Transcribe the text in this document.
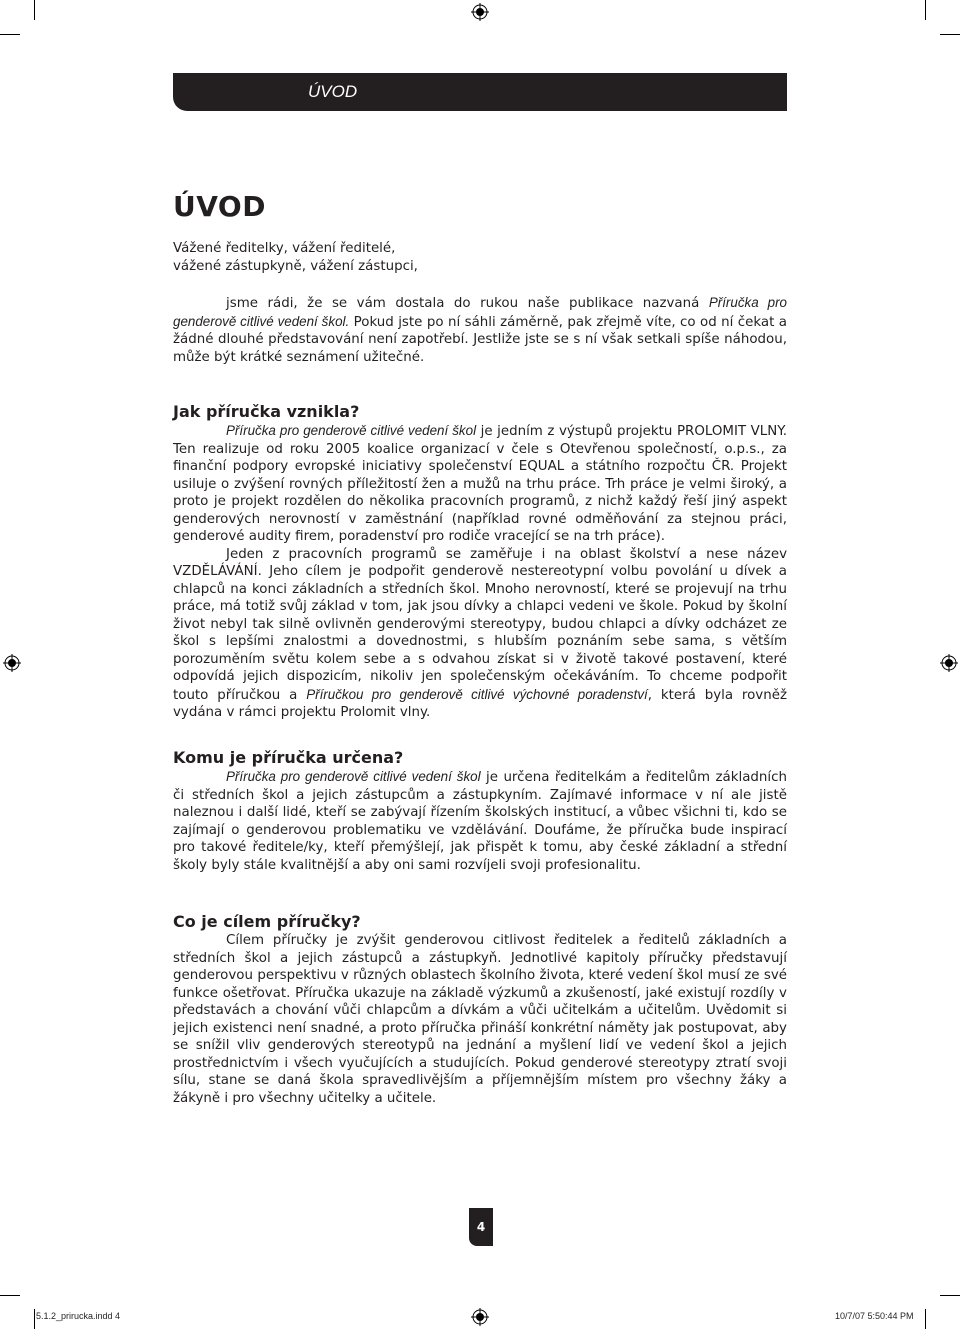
ÚVOD
ÚVOD

Vážené ředitelky, vážení ředitelé,

vážené zástupkyně, vážení zástupci,

jsme rádi, že se vám dostala do rukou naše publikace nazvaná Příručka pro genderově citlivé vedení škol. Pokud jste po ní sáhli záměrně, pak zřejmě víte, co od ní čekat a žádné dlouhé představování není zapotřebí. Jestliže jste se s ní však setkali spíše náhodou, může být krátké seznámení užitečné.

Jak příručka vznikla?

Příručka pro genderově citlivé vedení škol je jedním z výstupů projektu PROLOMIT VLNY. Ten realizuje od roku 2005 koalice organizací v čele s Otevřenou společností, o.p.s., za finanční podpory evropské iniciativy společenství EQUAL a státního rozpočtu ČR. Projekt usiluje o zvýšení rovných příležitostí žen a mužů na trhu práce. Trh práce je velmi široký, a proto je projekt rozdělen do několika pracovních programů, z nichž každý řeší jiný aspekt genderových nerovností v zaměstnání (například rovné odměňování za stejnou práci, genderové audity firem, poradenství pro rodiče vracející se na trh práce).

Jeden z pracovních programů se zaměřuje i na oblast školství a nese název VZDĚLÁVÁNÍ. Jeho cílem je podpořit genderově nestereotypní volbu povolání u dívek a chlapců na konci základních a středních škol. Mnoho nerovností, které se projevují na trhu práce, má totiž svůj základ v tom, jak jsou dívky a chlapci vedeni ve škole. Pokud by školní život nebyl tak silně ovlivněn genderovými stereotypy, budou chlapci a dívky odcházet ze škol s lepšími znalostmi a dovednostmi, s hlubším poznáním sebe sama, s větším porozuměním světu kolem sebe a s odvahou získat si v životě takové postavení, které odpovídá jejich dispozicím, nikoliv jen společenským očekáváním. To chceme podpořit touto příručkou a Příručkou pro genderově citlivé výchovné poradenství, která byla rovněž vydána v rámci projektu Prolomit vlny.

Komu je příručka určena?

Příručka pro genderově citlivé vedení škol je určena ředitelkám a ředitelům základních či středních škol a jejich zástupcům a zástupkyním. Zajímavé informace v ní ale jistě naleznou i další lidé, kteří se zabývají řízením školských institucí, a vůbec všichni ti, kdo se zajímají o genderovou problematiku ve vzdělávání. Doufáme, že příručka bude inspirací pro takové ředitele/ky, kteří přemýšlejí, jak přispět k tomu, aby české základní a střední školy byly stále kvalitnější a aby oni sami rozvíjeli svoji profesionalitu.

Co je cílem příručky?

Cílem příručky je zvýšit genderovou citlivost ředitelek a ředitelů základních a středních škol a jejich zástupců a zástupkyň. Jednotlivé kapitoly příručky představují genderovou perspektivu v různých oblastech školního života, které vedení škol musí ze své funkce ošetřovat. Příručka ukazuje na základě výzkumů a zkušeností, jaké existují rozdíly v představách a chování vůči chlapcům a dívkám a vůči učitelkám a učitelům. Uvědomit si jejich existenci není snadné, a proto příručka přináší konkrétní náměty jak postupovat, aby se snížil vliv genderových stereotypů na jednání a myšlení lidí ve vedení škol a jejich prostřednictvím i všech vyučujících a studujících. Pokud genderové stereotypy ztratí svoji sílu, stane se daná škola spravedlivějším a příjemnějším místem pro všechny žáky a žákyně i pro všechny učitelky a učitele.

4
5.1.2_prirucka.indd 4	10/7/07 5:50:44 PM
